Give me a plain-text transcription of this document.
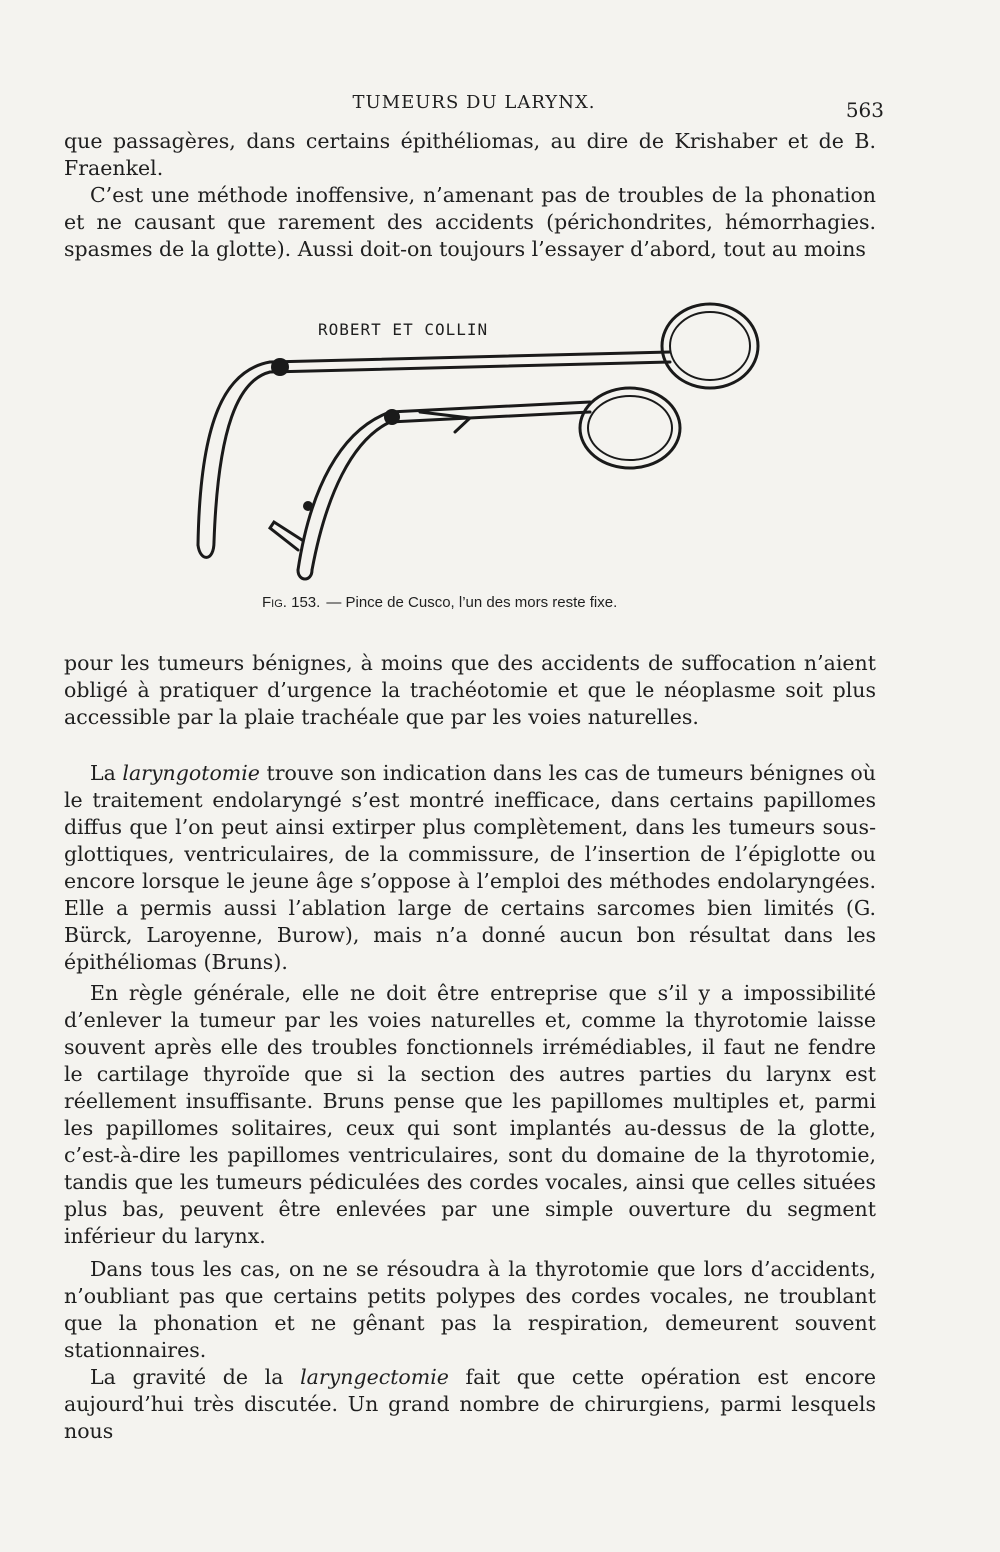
TUMEURS DU LARYNX.	563

que passagères, dans certains épithéliomas, au dire de Krishaber et de B. Fraenkel.

C’est une méthode inoffensive, n’amenant pas de troubles de la phonation et ne causant que rarement des accidents (périchondrites, hémorrhagies. spasmes de la glotte). Aussi doit-on toujours l’essayer d’abord, tout au moins

ROBERT ET COLLIN
Fig. 153. — Pince de Cusco, l’un des mors reste fixe.

pour les tumeurs bénignes, à moins que des accidents de suffocation n’aient obligé à pratiquer d’urgence la trachéotomie et que le néoplasme soit plus accessible par la plaie trachéale que par les voies naturelles.

La laryngotomie trouve son indication dans les cas de tumeurs bénignes où le traitement endolaryngé s’est montré inefficace, dans certains papillomes diffus que l’on peut ainsi extirper plus complètement, dans les tumeurs sous-glottiques, ventriculaires, de la commissure, de l’insertion de l’épiglotte ou encore lorsque le jeune âge s’oppose à l’emploi des méthodes endolaryngées. Elle a permis aussi l’ablation large de certains sarcomes bien limités (G. Bürck, Laroyenne, Burow), mais n’a donné aucun bon résultat dans les épithéliomas (Bruns).

En règle générale, elle ne doit être entreprise que s’il y a impossibilité d’enlever la tumeur par les voies naturelles et, comme la thyrotomie laisse souvent après elle des troubles fonctionnels irrémédiables, il faut ne fendre le cartilage thyroïde que si la section des autres parties du larynx est réellement insuffisante. Bruns pense que les papillomes multiples et, parmi les papillomes solitaires, ceux qui sont implantés au-dessus de la glotte, c’est-à-dire les papillomes ventriculaires, sont du domaine de la thyrotomie, tandis que les tumeurs pédiculées des cordes vocales, ainsi que celles situées plus bas, peuvent être enlevées par une simple ouverture du segment inférieur du larynx.

Dans tous les cas, on ne se résoudra à la thyrotomie que lors d’accidents, n’oubliant pas que certains petits polypes des cordes vocales, ne troublant que la phonation et ne gênant pas la respiration, demeurent souvent stationnaires.

La gravité de la laryngectomie fait que cette opération est encore aujourd’hui très discutée. Un grand nombre de chirurgiens, parmi lesquels nous
